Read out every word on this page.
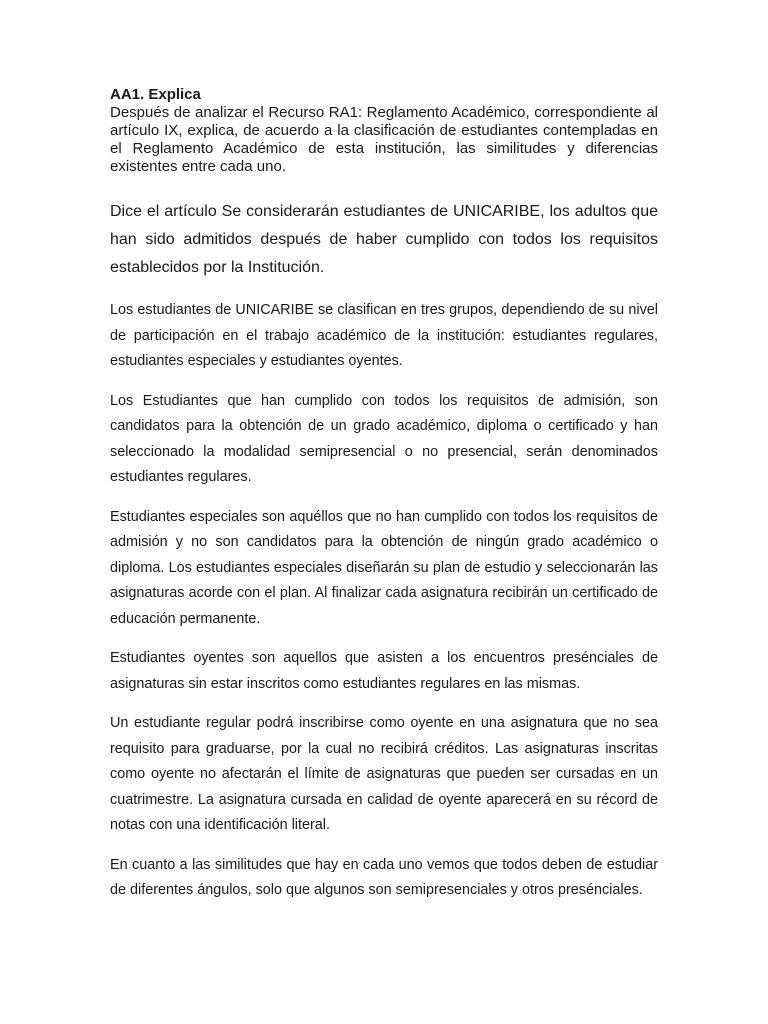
AA1. Explica

Después de analizar el Recurso RA1: Reglamento Académico, correspondiente al artículo IX, explica, de acuerdo a la clasificación de estudiantes contempladas en el Reglamento Académico de esta institución, las similitudes y diferencias existentes entre cada uno.

Dice el artículo Se considerarán estudiantes de UNICARIBE, los adultos que han sido admitidos después de haber cumplido con todos los requisitos establecidos por la Institución.

Los estudiantes de UNICARIBE se clasifican en tres grupos, dependiendo de su nivel de participación en el trabajo académico de la institución: estudiantes regulares, estudiantes especiales y estudiantes oyentes.

Los Estudiantes que han cumplido con todos los requisitos de admisión, son candidatos para la obtención de un grado académico, diploma o certificado y han seleccionado la modalidad semipresencial o no presencial, serán denominados estudiantes regulares.

Estudiantes especiales son aquéllos que no han cumplido con todos los requisitos de admisión y no son candidatos para la obtención de ningún grado académico o diploma. Los estudiantes especiales diseñarán su plan de estudio y seleccionarán las asignaturas acorde con el plan. Al finalizar cada asignatura recibirán un certificado de educación permanente.

Estudiantes oyentes son aquellos que asisten a los encuentros presénciales de asignaturas sin estar inscritos como estudiantes regulares en las mismas.

Un estudiante regular podrá inscribirse como oyente en una asignatura que no sea requisito para graduarse, por la cual no recibirá créditos. Las asignaturas inscritas como oyente no afectarán el límite de asignaturas que pueden ser cursadas en un cuatrimestre. La asignatura cursada en calidad de oyente aparecerá en su récord de notas con una identificación literal.

En cuanto a las similitudes que hay en cada uno vemos que todos deben de estudiar de diferentes ángulos, solo que algunos son semipresenciales y otros presénciales.
